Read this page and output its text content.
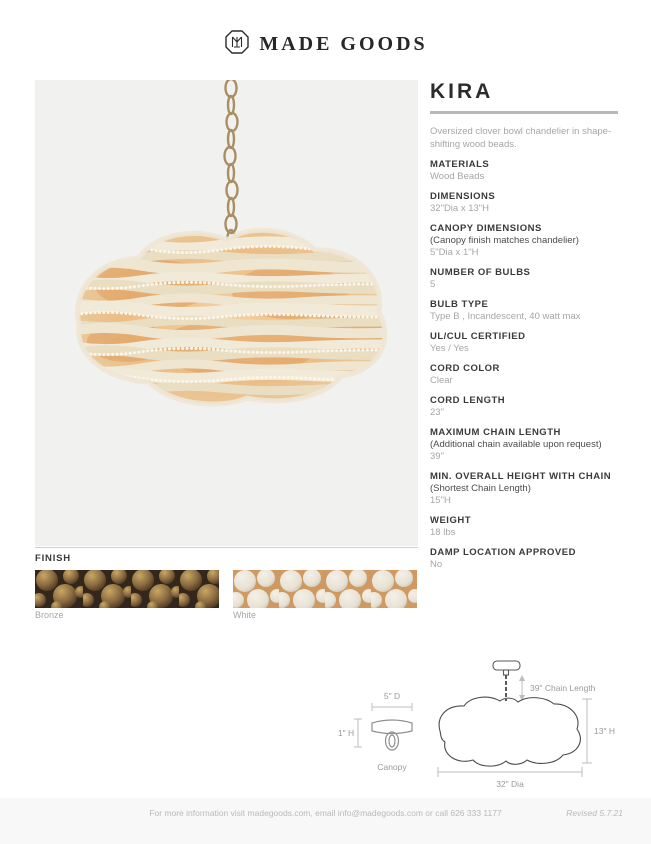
MADE GOODS
KIRA
Oversized clover bowl chandelier in shape-shifting wood beads.
MATERIALS
Wood Beads
DIMENSIONS
32"Dia x 13"H
CANOPY DIMENSIONS
(Canopy finish matches chandelier)
5"Dia x 1"H
NUMBER OF BULBS
5
BULB TYPE
Type B , Incandescent, 40 watt max
UL/CUL CERTIFIED
Yes / Yes
CORD COLOR
Clear
CORD LENGTH
23"
MAXIMUM CHAIN LENGTH
(Additional chain available upon request)
39"
MIN. OVERALL HEIGHT WITH CHAIN
(Shortest Chain Length)
15"H
WEIGHT
18 lbs
DAMP LOCATION APPROVED
No
FINISH
Bronze	White
5" D
1" H
Canopy
39" Chain Length
13" H
32" Dia
For more information visit madegoods.com, email info@madegoods.com or call 626 333 1177	Revised 5.7.21
